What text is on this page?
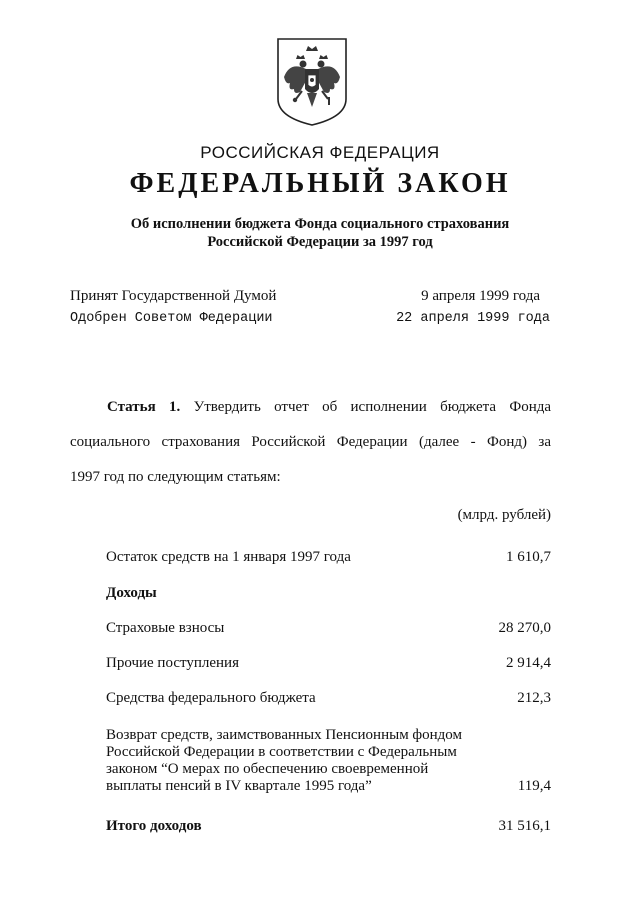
РОССИЙСКАЯ ФЕДЕРАЦИЯ
ФЕДЕРАЛЬНЫЙ ЗАКОН
Об исполнении бюджета Фонда социального страхования
Российской Федерации за 1997 год
Принят Государственной Думой	9 апреля 1999 года
Одобрен Советом Федерации	22 апреля 1999 года
Статья 1. Утвердить отчет об исполнении бюджета Фонда
социального страхования Российской Федерации (далее - Фонд) за
1997 год по следующим статьям:
(млрд. рублей)
Остаток средств на 1 января 1997 года	1 610,7
Доходы
Страховые взносы	28 270,0
Прочие поступления	2 914,4
Средства федерального бюджета	212,3
Возврат средств, заимствованных Пенсионным фондом
Российской Федерации в соответствии с Федеральным
законом “О мерах по обеспечению своевременной
выплаты пенсий в IV квартале 1995 года”	119,4
Итого доходов	31 516,1
